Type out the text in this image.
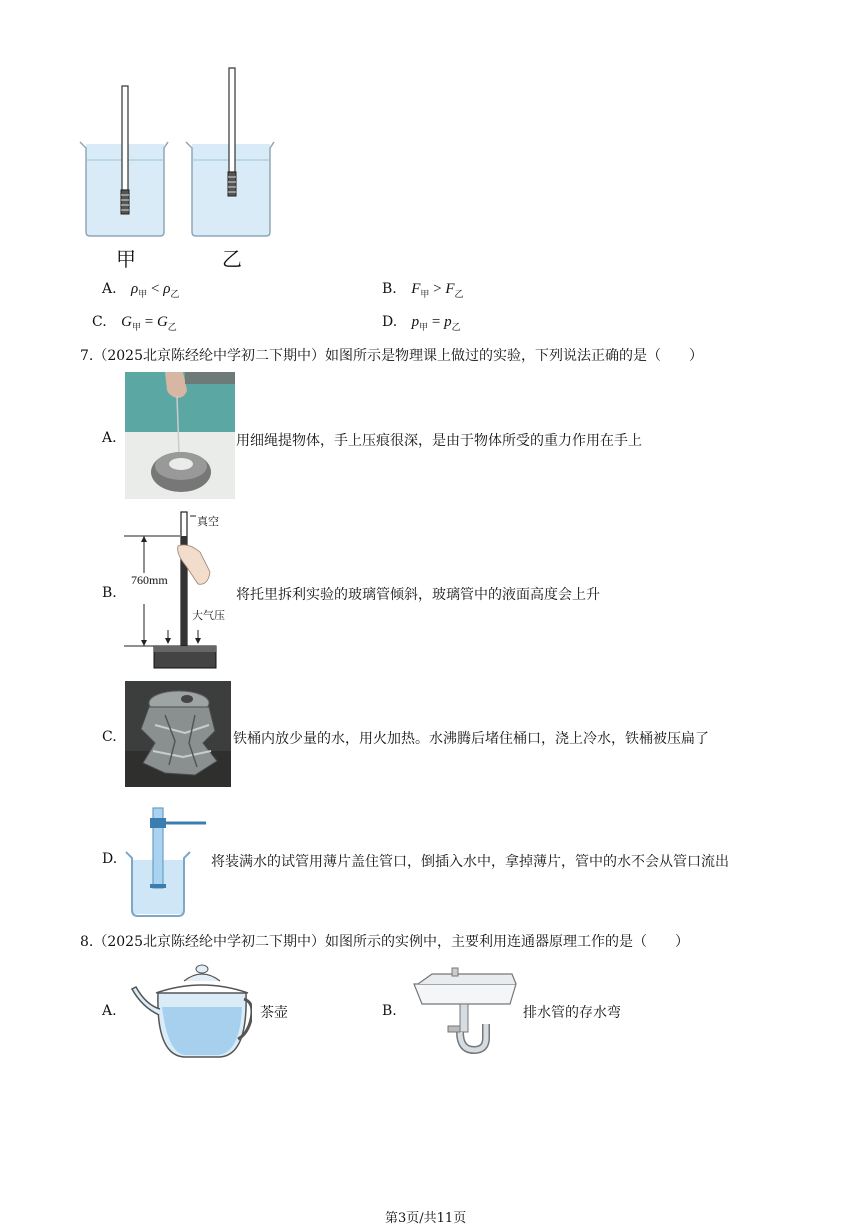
甲	乙
A. $\rho_甲 < \rho_乙$	B. $F_甲 > F_乙$
C. $G_甲 = G_乙$	D. $p_甲 = p_乙$
7.（2025北京陈经纶中学初二下期中）如图所示是物理课上做过的实验，下列说法正确的是（　　）
A.	用细绳提物体，手上压痕很深，是由于物体所受的重力作用在手上
B.
真空
760mm
大气压
将托里拆利实验的玻璃管倾斜，玻璃管中的液面高度会上升
C.	铁桶内放少量的水，用火加热。水沸腾后堵住桶口，浇上冷水，铁桶被压扁了
D.	将装满水的试管用薄片盖住管口，倒插入水中，拿掉薄片，管中的水不会从管口流出
8.（2025北京陈经纶中学初二下期中）如图所示的实例中，主要利用连通器原理工作的是（　　）
A.	茶壶	B.	排水管的存水弯
第3页/共11页
